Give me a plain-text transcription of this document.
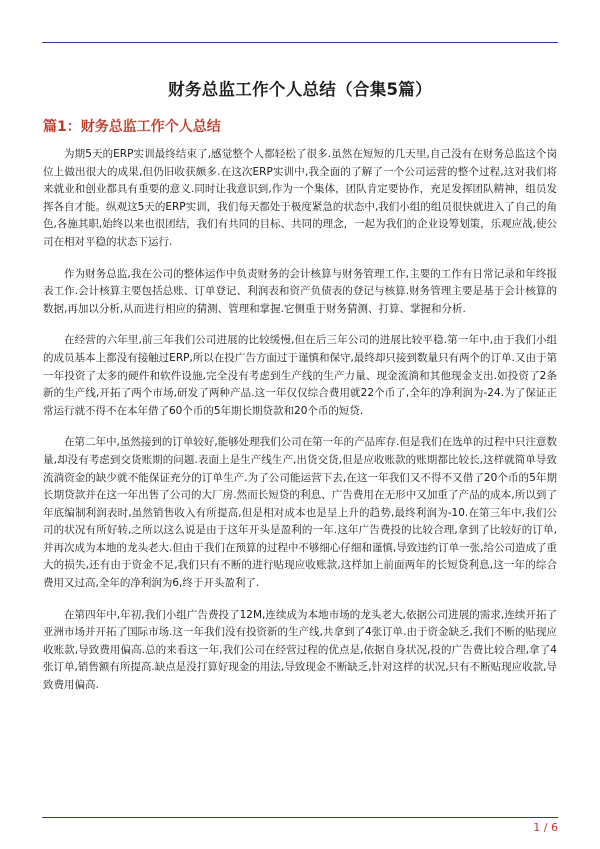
财务总监工作个人总结（合集5篇）
篇1：财务总监工作个人总结

为期5天的ERP实训最终结束了,感觉整个人都轻松了很多.虽然在短短的几天里,自己没有在财务总监这个岗位上做出很大的成果,但仍旧收获颇多.在这次ERP实训中,我全面的了解了一个公司运营的整个过程,这对我们将来就业和创业都具有重要的意义.同时让我意识到,作为一个集体，团队肯定要协作，充足发挥团队精神，组员发挥各自才能。纵观这5天的ERP实训，我们每天都处于极度紧急的状态中,我们小组的组员很快就进入了自己的角色,各施其职,始终以来也很团结，我们有共同的目标、共同的理念，一起为我们的企业设筹划策，乐观应战,使公司在相对平稳的状态下运行.

作为财务总监,我在公司的整体运作中负责财务的会计核算与财务管理工作,主要的工作有日常记录和年终报表工作.会计核算主要包括总账、订单登记、利润表和资产负债表的登记与核算.财务管理主要是基于会计核算的数据,再加以分析,从而进行相应的猜测、管理和掌握.它侧重于财务猜测、打算、掌握和分析.

在经营的六年里,前三年我们公司进展的比较缓慢,但在后三年公司的进展比较平稳.第一年中,由于我们小组的成员基本上都没有接触过ERP,所以在投广告方面过于谨慎和保守,最终却只接到数量只有两个的订单.又由于第一年投资了太多的硬件和软件设施,完全没有考虑到生产线的生产力量、现金流淌和其他现金支出.如投资了2条新的生产线,开拓了两个市场,研发了两种产品.这一年仅仅综合费用就22个币了,全年的净利润为-24.为了保证正常运行就不得不在本年借了60个币的5年期长期贷款和20个币的短贷.

在第二年中,虽然接到的订单较好,能够处理我们公司在第一年的产品库存.但是我们在选单的过程中只注意数量,却没有考虑到交货账期的问题.表面上是生产线生产,出货交货,但是应收账款的账期都比较长,这样就简单导致流淌资金的缺少就不能保证充分的订单生产.为了公司能运营下去,在这一年我们又不得不又借了20个币的5年期长期贷款并在这一年出售了公司的大厂房.然而长短贷的利息、广告费用在无形中又加重了产品的成本,所以到了年底编制利润表时,虽然销售收入有所提高,但是相对成本也是呈上升的趋势,最终利润为-10.在第三年中,我们公司的状况有所好转,之所以这么说是由于这年开头是盈利的一年.这年广告费投的比较合理,拿到了比较好的订单,并再次成为本地的龙头老大.但由于我们在预算的过程中不够细心仔细和谨慎,导致违约订单一张,给公司造成了重大的损失,还有由于资金不足,我们只有不断的进行贴现应收账款,这样加上前面两年的长短贷利息,这一年的综合费用又过高,全年的净利润为6,终于开头盈利了.

在第四年中,年初,我们小组广告费投了12M,连续成为本地市场的龙头老大,依据公司进展的需求,连续开拓了亚洲市场并开拓了国际市场.这一年我们没有投资新的生产线,共拿到了4张订单.由于资金缺乏,我们不断的贴现应收账款,导致费用偏高.总的来看这一年,我们公司在经营过程的优点是,依据自身状况,投的广告费比较合理,拿了4张订单,销售额有所提高.缺点是没打算好现金的用法,导致现金不断缺乏,针对这样的状况,只有不断贴现应收款,导致费用偏高.

1 / 6
